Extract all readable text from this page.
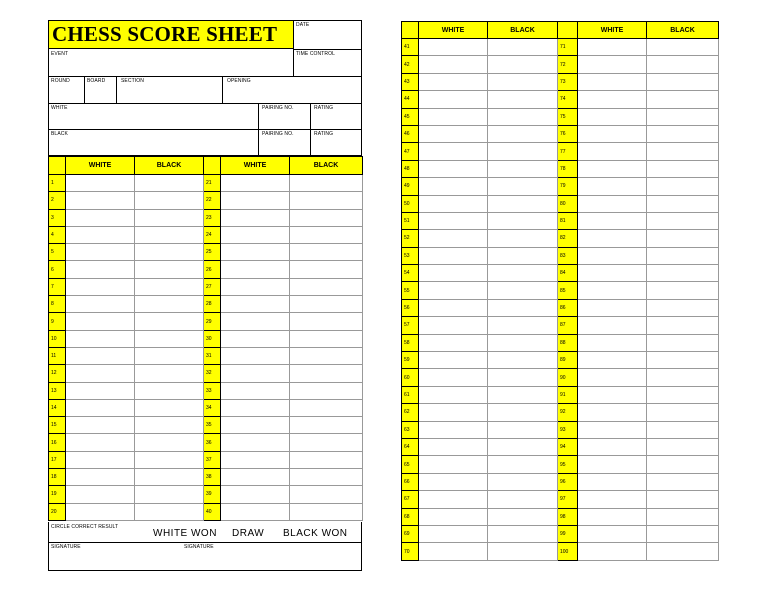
CHESS SCORE SHEET	DATE
EVENT	TIME CONTROL
ROUND	BOARD	SECTION	OPENING
WHITE	PAIRING NO.	RATING
BLACK	PAIRING NO.	RATING
	WHITE	BLACK		WHITE	BLACK
1			21		
2			22		
3			23		
4			24		
5			25		
6			26		
7			27		
8			28		
9			29		
10			30		
11			31		
12			32		
13			33		
14			34		
15			35		
16			36		
17			37		
18			38		
19			39		
20			40		
CIRCLE CORRECT RESULT
WHITE WON DRAW BLACK WON
SIGNATURE	SIGNATURE
	WHITE	BLACK		WHITE	BLACK
41			71		
42			72		
43			73		
44			74		
45			75		
46			76		
47			77		
48			78		
49			79		
50			80		
51			81		
52			82		
53			83		
54			84		
55			85		
56			86		
57			87		
58			88		
59			89		
60			90		
61			91		
62			92		
63			93		
64			94		
65			95		
66			96		
67			97		
68			98		
69			99		
70			100		
